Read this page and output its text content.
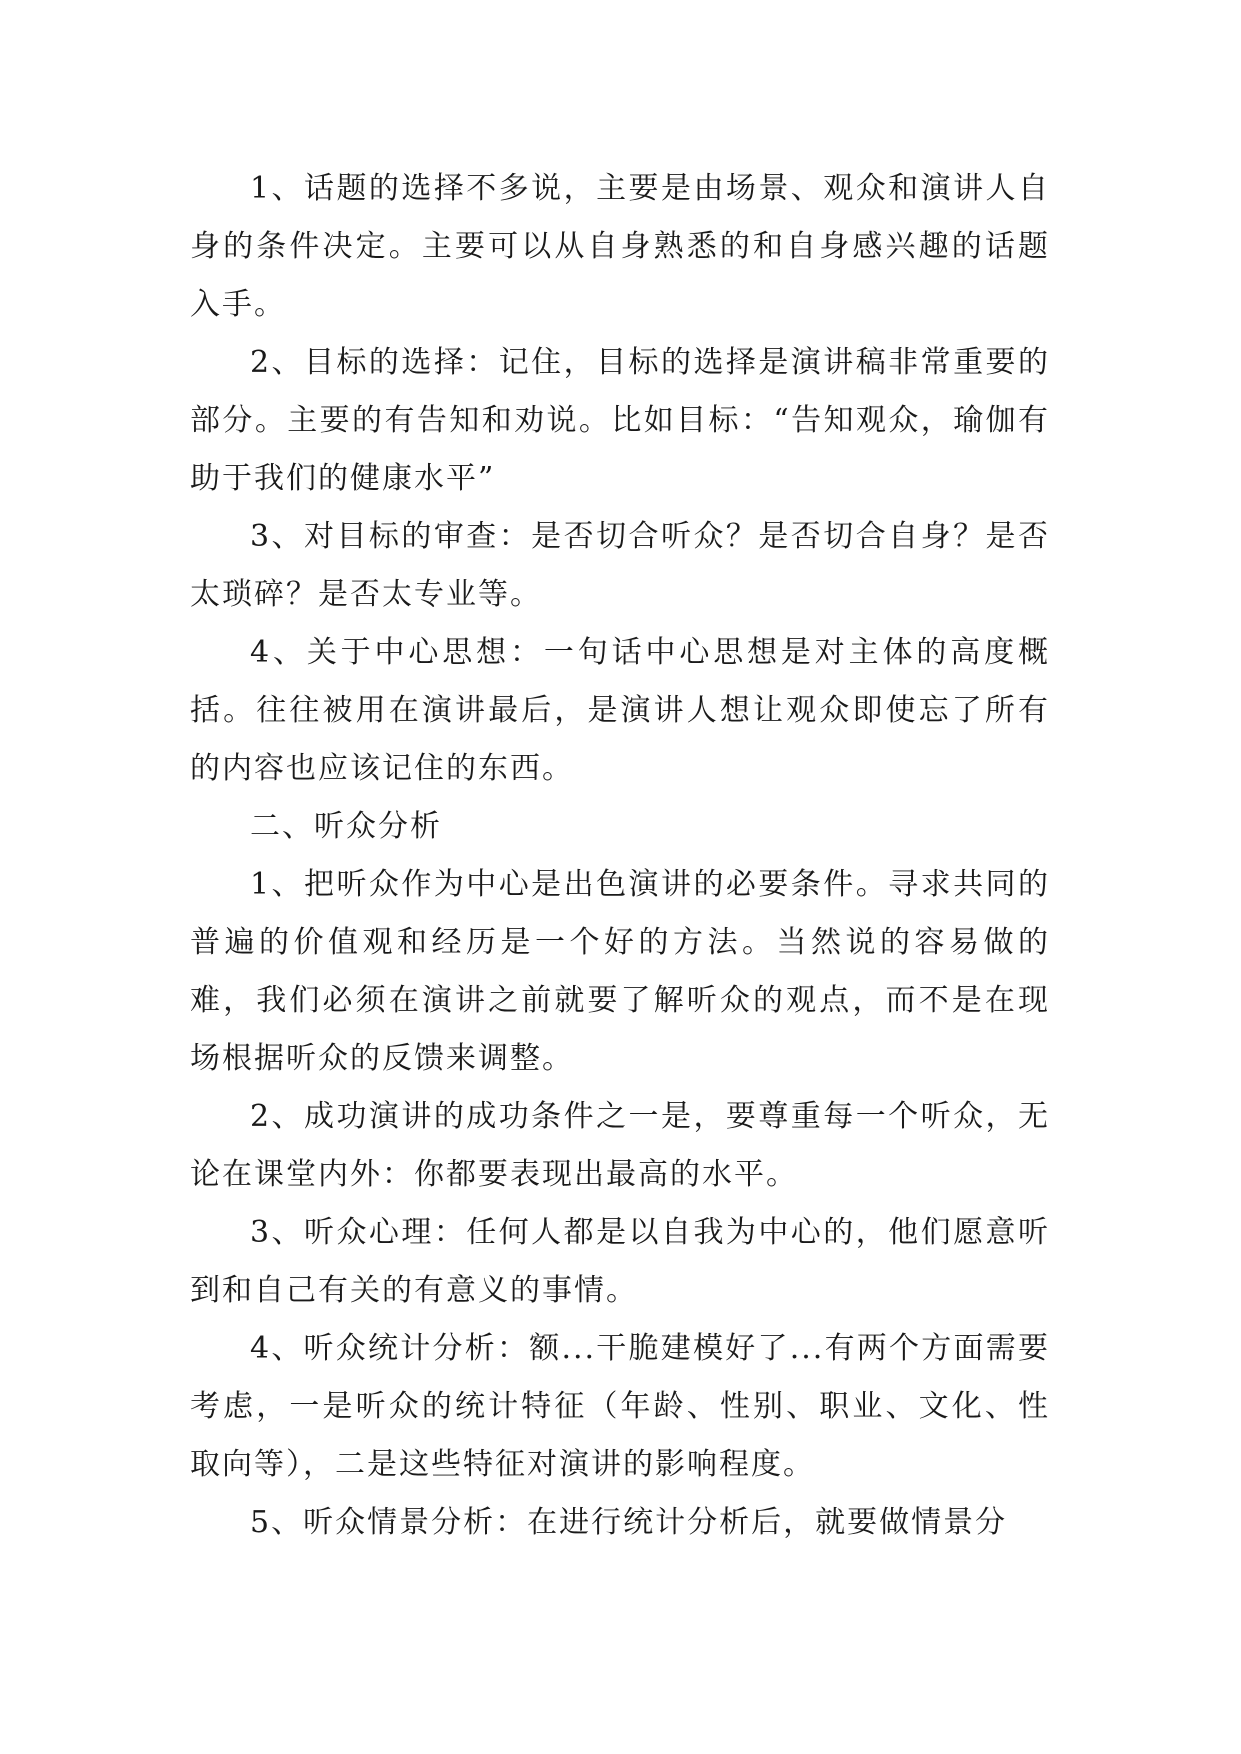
1、话题的选择不多说，主要是由场景、观众和演讲人自身的条件决定。主要可以从自身熟悉的和自身感兴趣的话题入手。

2、目标的选择：记住，目标的选择是演讲稿非常重要的部分。主要的有告知和劝说。比如目标：“告知观众，瑜伽有助于我们的健康水平”

3、对目标的审查：是否切合听众？是否切合自身？是否太琐碎？是否太专业等。

4、关于中心思想：一句话中心思想是对主体的高度概括。往往被用在演讲最后，是演讲人想让观众即使忘了所有的内容也应该记住的东西。

二、听众分析

1、把听众作为中心是出色演讲的必要条件。寻求共同的普遍的价值观和经历是一个好的方法。当然说的容易做的难，我们必须在演讲之前就要了解听众的观点，而不是在现场根据听众的反馈来调整。

2、成功演讲的成功条件之一是，要尊重每一个听众，无论在课堂内外：你都要表现出最高的水平。

3、听众心理：任何人都是以自我为中心的，他们愿意听到和自己有关的有意义的事情。

4、听众统计分析：额...干脆建模好了...有两个方面需要考虑，一是听众的统计特征（年龄、性别、职业、文化、性取向等），二是这些特征对演讲的影响程度。

5、听众情景分析：在进行统计分析后，就要做情景分
